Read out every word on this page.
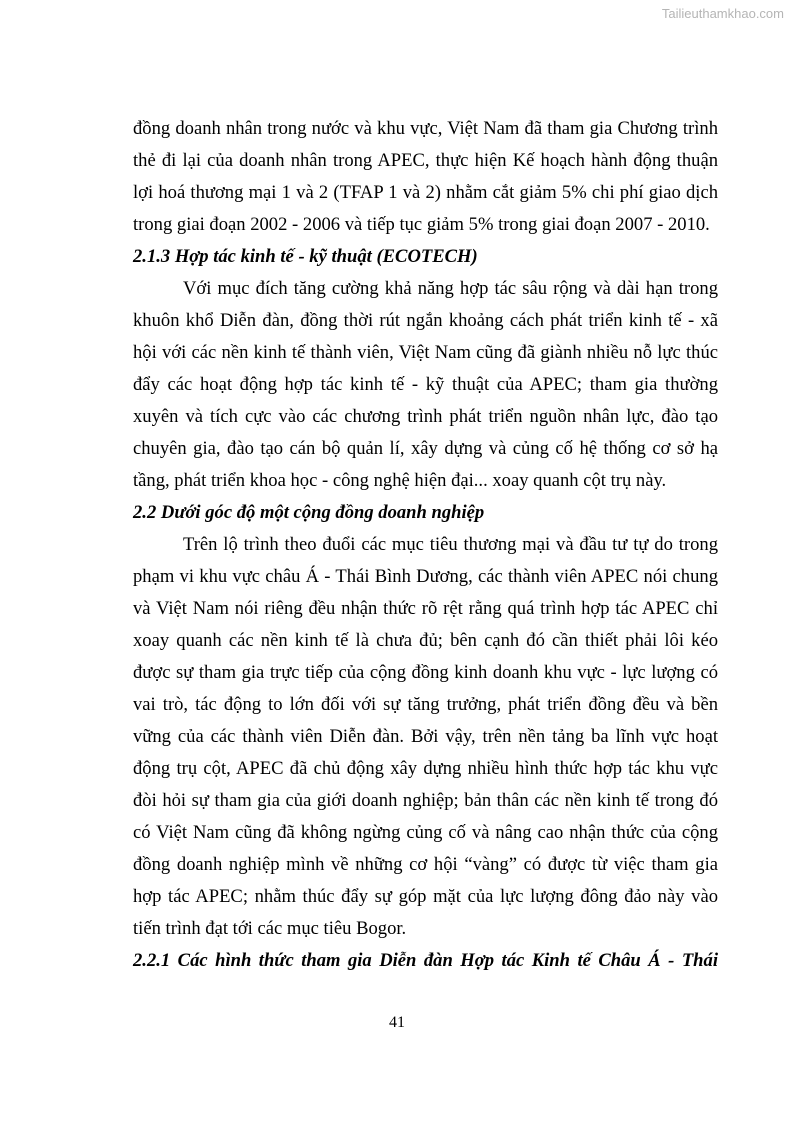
Tailieuthamkhao.com
đồng doanh nhân trong nước và khu vực, Việt Nam đã tham gia Chương trình
thẻ đi lại của doanh nhân trong APEC, thực hiện Kế hoạch hành động thuận
lợi hoá thương mại 1 và 2 (TFAP 1 và 2) nhằm cắt giảm 5% chi phí giao dịch
trong giai đoạn 2002 - 2006 và tiếp tục giảm 5% trong giai đoạn 2007 - 2010.
2.1.3 Hợp tác kinh tế - kỹ thuật (ECOTECH)
Với mục đích tăng cường khả năng hợp tác sâu rộng và dài hạn trong
khuôn khổ Diễn đàn, đồng thời rút ngắn khoảng cách phát triển kinh tế - xã
hội với các nền kinh tế thành viên, Việt Nam cũng đã giành nhiều nỗ lực thúc
đẩy các hoạt động hợp tác kinh tế - kỹ thuật của APEC; tham gia thường
xuyên và tích cực vào các chương trình phát triển nguồn nhân lực, đào tạo
chuyên gia, đào tạo cán bộ quản lí, xây dựng và củng cố hệ thống cơ sở hạ
tầng, phát triển khoa học - công nghệ hiện đại... xoay quanh cột trụ này.
2.2 Dưới góc độ một cộng đồng doanh nghiệp
Trên lộ trình theo đuổi các mục tiêu thương mại và đầu tư tự do trong
phạm vi khu vực châu Á - Thái Bình Dương, các thành viên APEC nói chung
và Việt Nam nói riêng đều nhận thức rõ rệt rằng quá trình hợp tác APEC chỉ
xoay quanh các nền kinh tế là chưa đủ; bên cạnh đó cần thiết phải lôi kéo
được sự tham gia trực tiếp của cộng đồng kinh doanh khu vực - lực lượng có
vai trò, tác động to lớn đối với sự tăng trưởng, phát triển đồng đều và bền
vững của các thành viên Diễn đàn. Bởi vậy, trên nền tảng ba lĩnh vực hoạt
động trụ cột, APEC đã chủ động xây dựng nhiều hình thức hợp tác khu vực
đòi hỏi sự tham gia của giới doanh nghiệp; bản thân các nền kinh tế trong đó
có Việt Nam cũng đã không ngừng củng cố và nâng cao nhận thức của cộng
đồng doanh nghiệp mình về những cơ hội “vàng” có được từ việc tham gia
hợp tác APEC; nhằm thúc đẩy sự góp mặt của lực lượng đông đảo này vào
tiến trình đạt tới các mục tiêu Bogor.
2.2.1 Các hình thức tham gia Diễn đàn Hợp tác Kinh tế Châu Á - Thái
41
